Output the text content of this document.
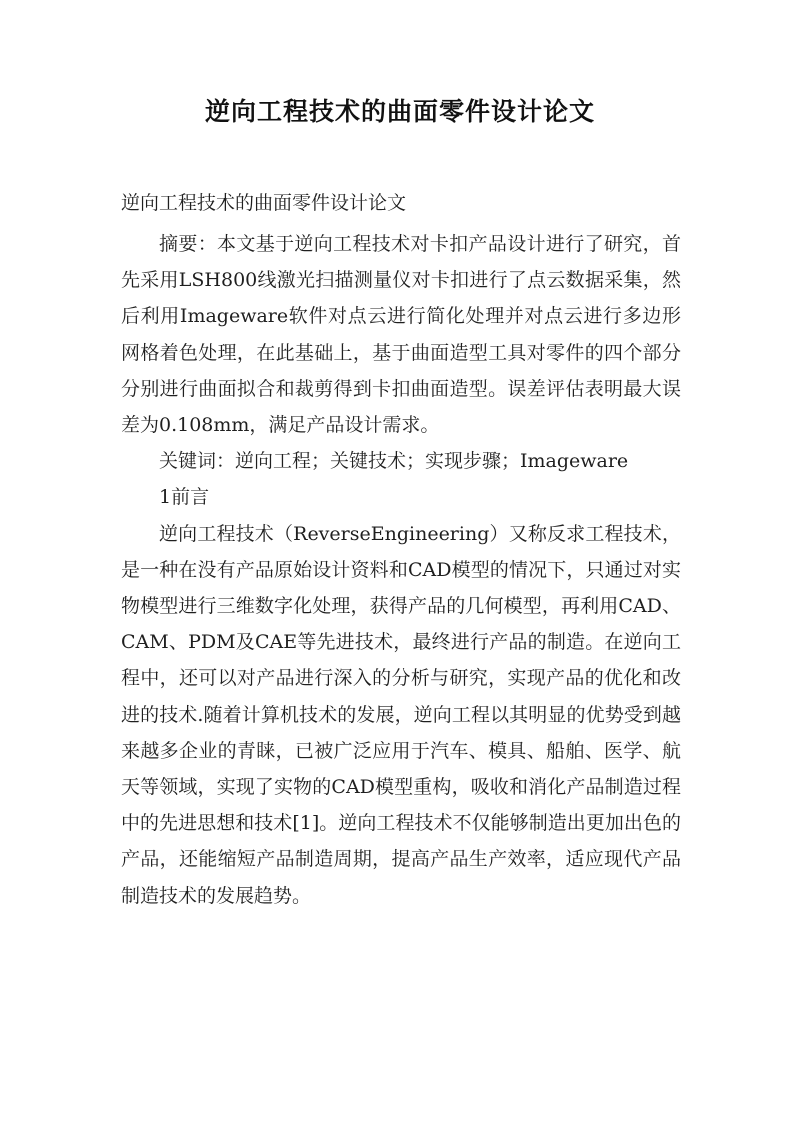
逆向工程技术的曲面零件设计论文
逆向工程技术的曲面零件设计论文

摘要：本文基于逆向工程技术对卡扣产品设计进行了研究，首先采用LSH800线激光扫描测量仪对卡扣进行了点云数据采集，然后利用Imageware软件对点云进行简化处理并对点云进行多边形网格着色处理，在此基础上，基于曲面造型工具对零件的四个部分分别进行曲面拟合和裁剪得到卡扣曲面造型。误差评估表明最大误差为0.108mm，满足产品设计需求。

关键词：逆向工程；关键技术；实现步骤；Imageware

1前言

逆向工程技术（ReverseEngineering）又称反求工程技术，是一种在没有产品原始设计资料和CAD模型的情况下，只通过对实物模型进行三维数字化处理，获得产品的几何模型，再利用CAD、CAM、PDM及CAE等先进技术，最终进行产品的制造。在逆向工程中，还可以对产品进行深入的分析与研究，实现产品的优化和改进的技术.随着计算机技术的发展，逆向工程以其明显的优势受到越来越多企业的青睐，已被广泛应用于汽车、模具、船舶、医学、航天等领域，实现了实物的CAD模型重构，吸收和消化产品制造过程中的先进思想和技术[1]。逆向工程技术不仅能够制造出更加出色的产品，还能缩短产品制造周期，提高产品生产效率，适应现代产品制造技术的发展趋势。
